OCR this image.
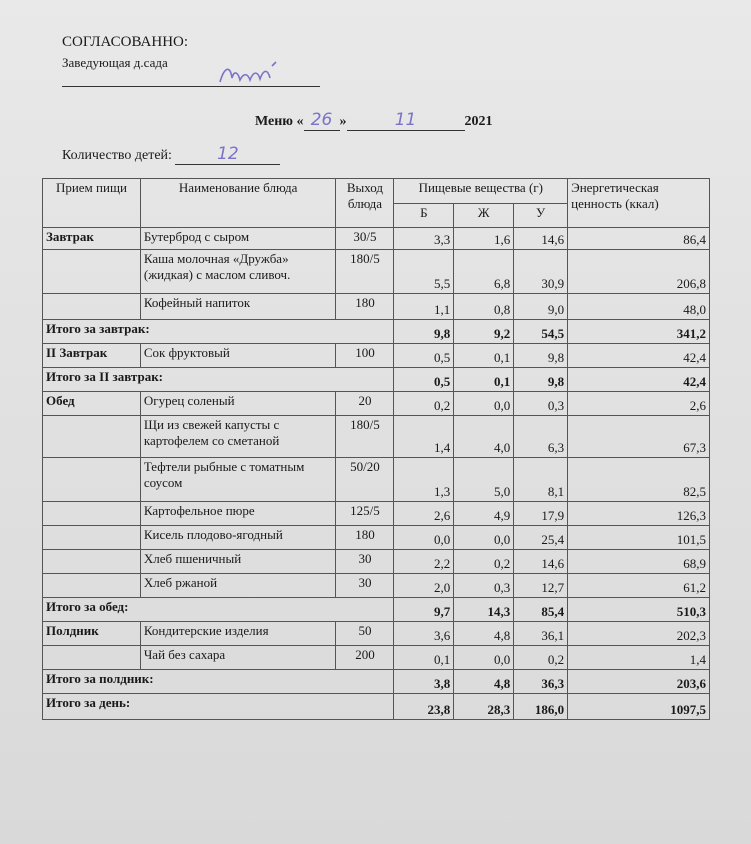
СОГЛАСОВАННО:
Заведующая д.сада
Меню « 26 »	11	2021
Количество детей:	12
Прием пищи	Наименование блюда	Выход блюда	Пищевые вещества (г)			Энергетическая ценность (ккал)
			Б	Ж	У	
Завтрак	Бутерброд с сыром	30/5	3,3	1,6	14,6	86,4
	Каша молочная «Дружба» (жидкая) с маслом сливоч.	180/5	5,5	6,8	30,9	206,8
	Кофейный напиток	180	1,1	0,8	9,0	48,0
Итого за завтрак:			9,8	9,2	54,5	341,2
II Завтрак	Сок фруктовый	100	0,5	0,1	9,8	42,4
Итого за II завтрак:			0,5	0,1	9,8	42,4
Обед	Огурец соленый	20	0,2	0,0	0,3	2,6
	Щи из свежей капусты с картофелем со сметаной	180/5	1,4	4,0	6,3	67,3
	Тефтели рыбные с томатным соусом	50/20	1,3	5,0	8,1	82,5
	Картофельное пюре	125/5	2,6	4,9	17,9	126,3
	Кисель плодово-ягодный	180	0,0	0,0	25,4	101,5
	Хлеб пшеничный	30	2,2	0,2	14,6	68,9
	Хлеб ржаной	30	2,0	0,3	12,7	61,2
Итого за обед:			9,7	14,3	85,4	510,3
Полдник	Кондитерские изделия	50	3,6	4,8	36,1	202,3
	Чай без сахара	200	0,1	0,0	0,2	1,4
Итого за полдник:			3,8	4,8	36,3	203,6
Итого за день:			23,8	28,3	186,0	1097,5
